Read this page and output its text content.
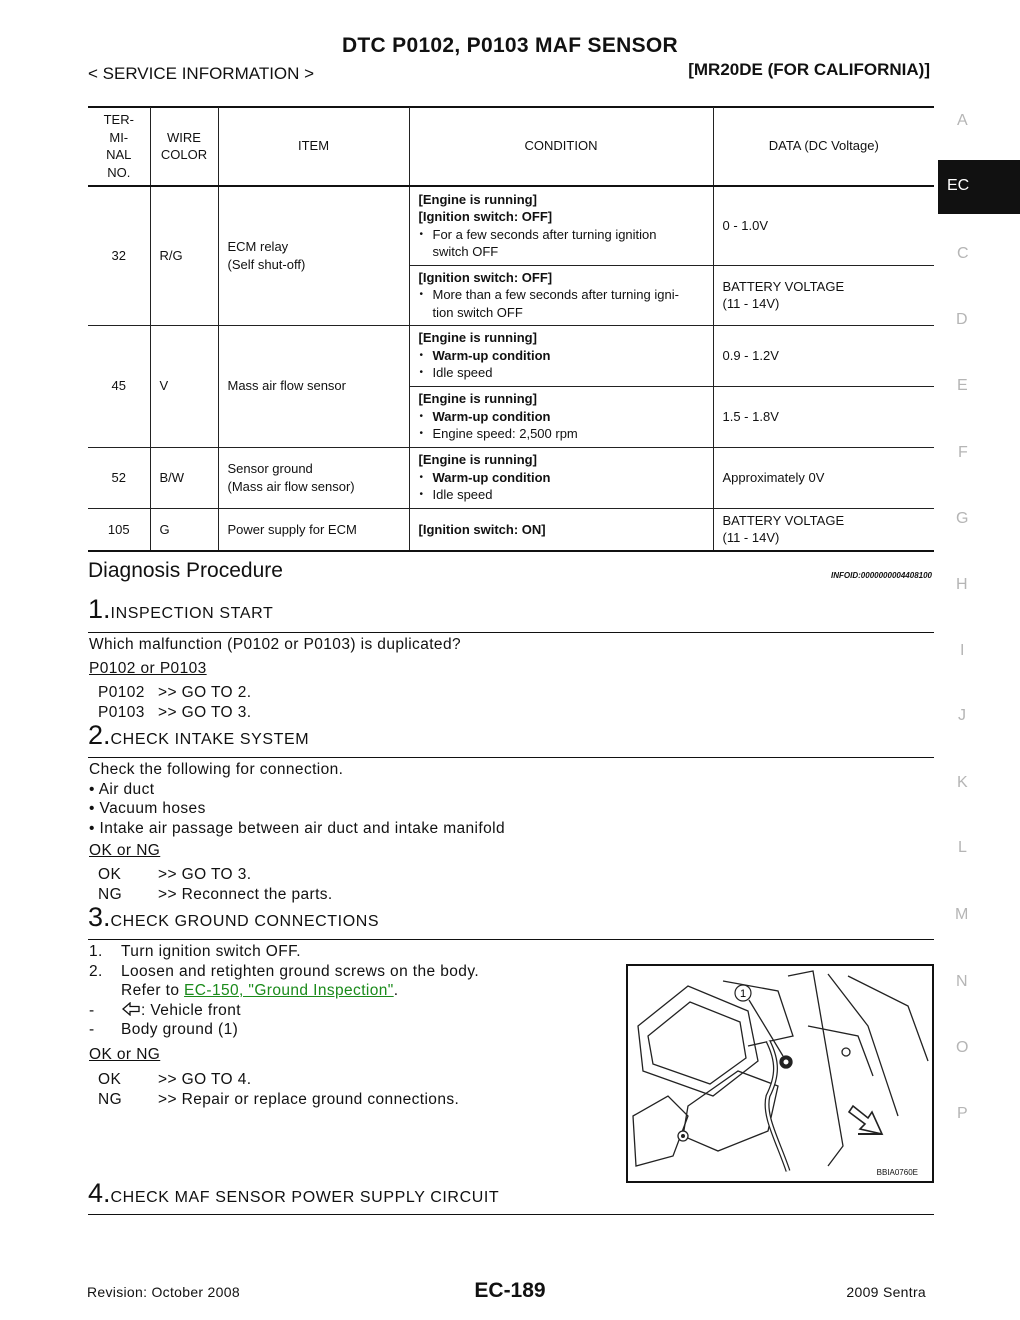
DTC P0102, P0103 MAF SENSOR
< SERVICE INFORMATION >	[MR20DE (FOR CALIFORNIA)]
EC
A
C
D
E
F
G
H
I
J
K
L
M
N
O
P
TER-
MI-
NAL
NO.	WIRE
COLOR	ITEM	CONDITION	DATA (DC Voltage)
32	R/G	ECM relay
(Self shut-off)	[Engine is running]
[Ignition switch: OFF]
• For a few seconds after turning ignition
switch OFF	0 - 1.0V
			[Ignition switch: OFF]
• More than a few seconds after turning igni-
tion switch OFF	BATTERY VOLTAGE
(11 - 14V)
45	V	Mass air flow sensor	[Engine is running]
• Warm-up condition
• Idle speed	0.9 - 1.2V
			[Engine is running]
• Warm-up condition
• Engine speed: 2,500 rpm	1.5 - 1.8V
52	B/W	Sensor ground
(Mass air flow sensor)	[Engine is running]
• Warm-up condition
• Idle speed	Approximately 0V
105	G	Power supply for ECM	[Ignition switch: ON]	BATTERY VOLTAGE
(11 - 14V)
Diagnosis Procedure	INFOID:0000000004408100
1.INSPECTION START
Which malfunction (P0102 or P0103) is duplicated?
P0102 or P0103
P0102 >> GO TO 2.
P0103 >> GO TO 3.
2.CHECK INTAKE SYSTEM
Check the following for connection.
• Air duct
• Vacuum hoses
• Intake air passage between air duct and intake manifold
OK or NG
OK >> GO TO 3.
NG >> Reconnect the parts.
3.CHECK GROUND CONNECTIONS
1. Turn ignition switch OFF.
2. Loosen and retighten ground screws on the body.
Refer to EC-150, "Ground Inspection".
-	: Vehicle front
- Body ground (1)
OK or NG
OK >> GO TO 4.
NG >> Repair or replace ground connections.
1
BBIA0760E
4.CHECK MAF SENSOR POWER SUPPLY CIRCUIT
Revision: October 2008	EC-189	2009 Sentra
